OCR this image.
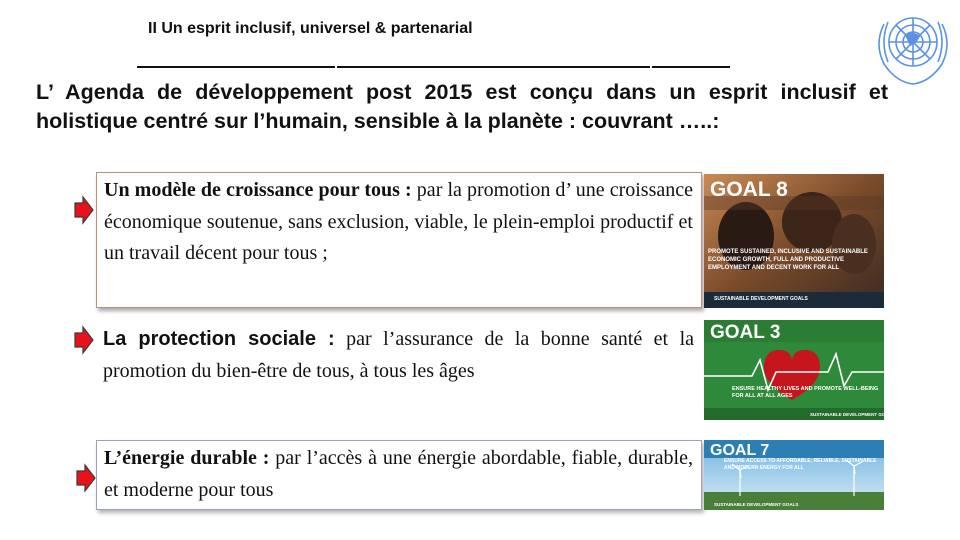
II Un esprit inclusif, universel & partenarial
L’ Agenda de développement post 2015 est conçu dans un esprit inclusif et holistique centré sur l’humain, sensible à la planète : couvrant …..:

Un modèle de croissance pour tous : par la promotion d’ une croissance économique soutenue, sans exclusion, viable, le plein-emploi productif et un travail décent pour tous ;

La protection sociale : par l’assurance de la bonne santé et la promotion du bien-être de tous, à tous les âges

L’énergie durable : par l’accès à une énergie abordable, fiable, durable, et moderne pour tous

GOAL 8
PROMOTE SUSTAINED, INCLUSIVE AND SUSTAINABLE ECONOMIC GROWTH, FULL AND PRODUCTIVE EMPLOYMENT AND DECENT WORK FOR ALL
SUSTAINABLE DEVELOPMENT GOALS
GOAL 3
ENSURE HEALTHY LIVES AND PROMOTE WELL-BEING FOR ALL AT ALL AGES
SUSTAINABLE DEVELOPMENT GOALS
GOAL 7
ENSURE ACCESS TO AFFORDABLE, RELIABLE, SUSTAINABLE AND MODERN ENERGY FOR ALL
SUSTAINABLE DEVELOPMENT GOALS
